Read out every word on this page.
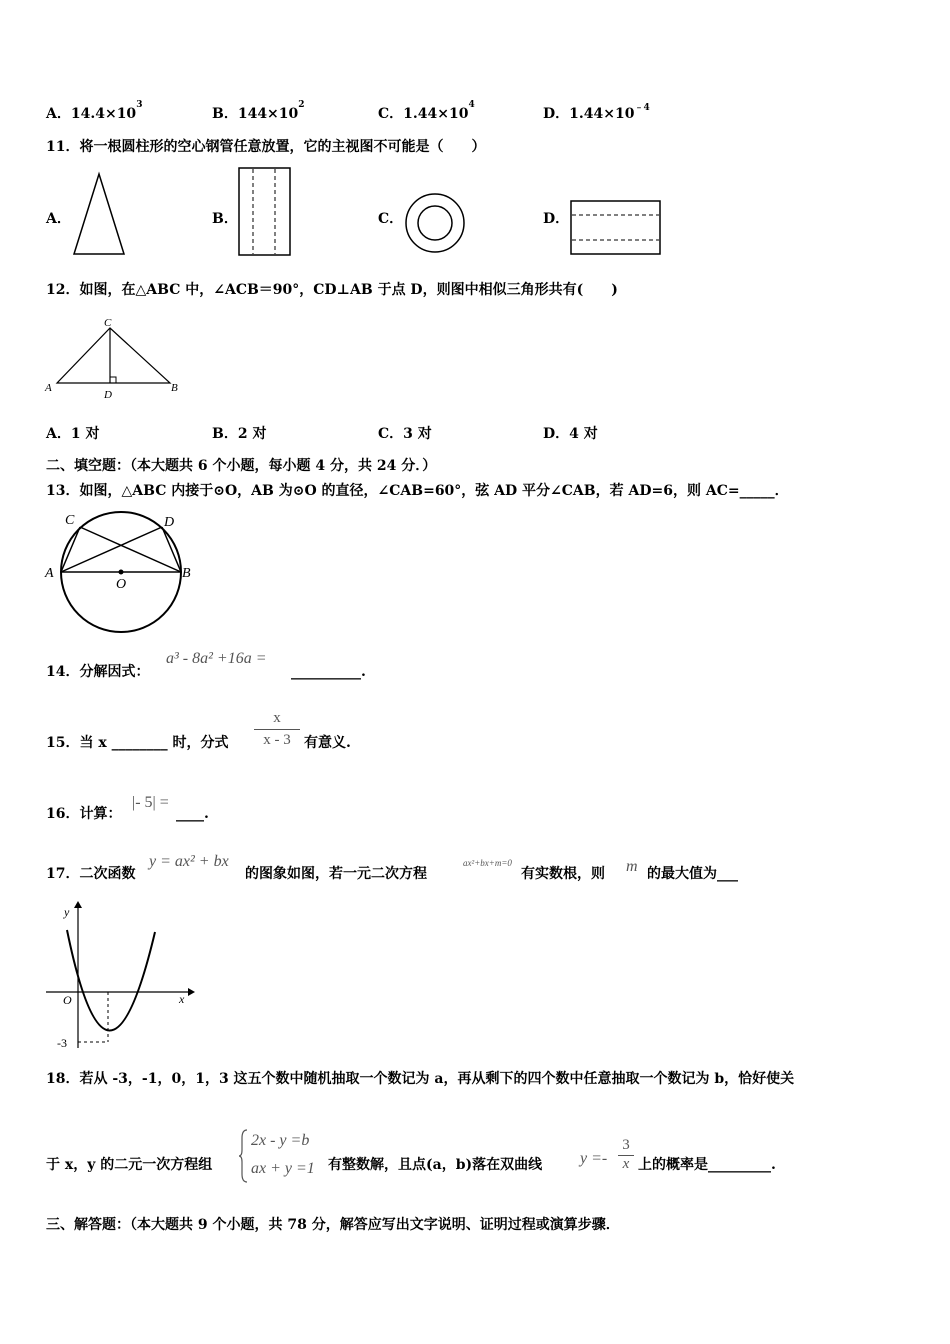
A．$14.4\times 10^3$
B．$144\times 10^2$
C．$1.44\times 10^4$
D．$1.44\times 10^{﹣4}$
11．将一根圆柱形的空心钢管任意放置，它的主视图不可能是（　　）
A．	B．	C．	D．
12．如图，在△ABC 中，∠ACB＝90°，CD⊥AB 于点 D，则图中相似三角形共有(　　)
C
A
D
B
A．1 对	B．2 对	C．3 对	D．4 对
二、填空题：（本大题共 6 个小题，每小题 4 分，共 24 分．）
13．如图，△ABC 内接于⊙O，AB 为⊙O 的直径，∠CAB=60°，弦 AD 平分∠CAB，若 AD=6，则 AC=_____．
C	D
A
O
B
14．分解因式：
a³ - 8a² +16a =
__________.
15．当 x ________ 时，分式 $\frac{x}{x - 3}$ 有意义.
16．计算：
|- 5| =
____.
17．二次函数
y = ax² + bx
的图象如图，若一元二次方程
ax²+bx+m=0
有实数根，则 m 的最大值为___
y
x
O
-3
18．若从 -3，-1，0，1，3 这五个数中随机抽取一个数记为 a，再从剩下的四个数中任意抽取一个数记为 b，恰好使关
于 x，y 的二元一次方程组
2x - y =b
ax + y =1 有整数解，且点(a，b)落在双曲线 $y =- \frac{3}{x}$ 上的概率是_________.
三、解答题：（本大题共 9 个小题，共 78 分，解答应写出文字说明、证明过程或演算步骤．
